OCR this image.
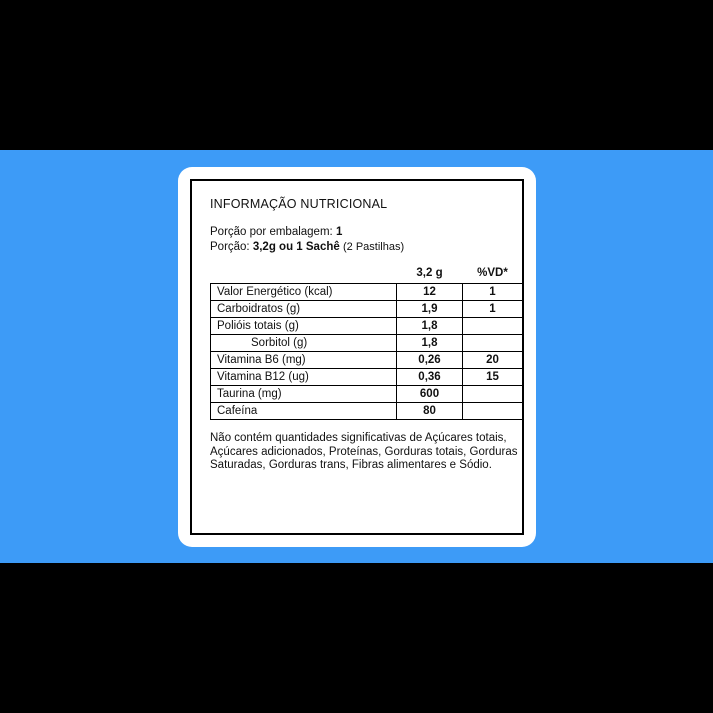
INFORMAÇÃO NUTRICIONAL
Porção por embalagem: 1
Porção: 3,2g ou 1 Sachê (2 Pastilhas)
	3,2 g	%VD*
Valor Energético (kcal)	12	1
Carboidratos (g)	1,9	1
Polióis totais (g)	1,8	
Sorbitol (g)	1,8	
Vitamina B6 (mg)	0,26	20
Vitamina B12 (ug)	0,36	15
Taurina (mg)	600	
Cafeína	80	
Não contém quantidades significativas de Açúcares totais, Açúcares adicionados, Proteínas, Gorduras totais, Gorduras Saturadas, Gorduras trans, Fibras alimentares e Sódio.
